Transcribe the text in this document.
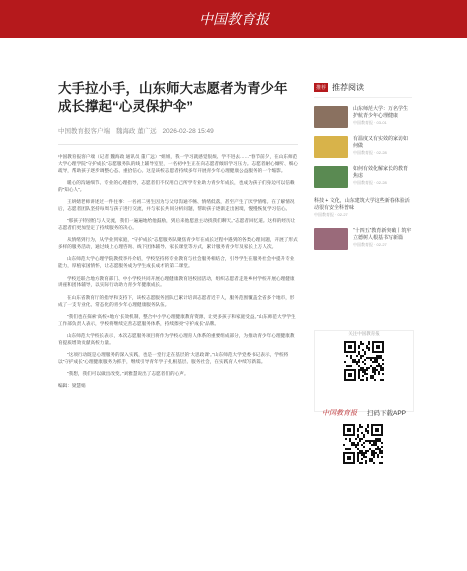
中国教育报
大手拉小手，山东师大志愿者为青少年成长撑起“心灵保护伞”
中国教育报客户端 魏海政 董广远 2026-02-28 15:49

中国教育报客户端（记者 魏海政 通讯员 董广远）“姐姐，我一学习就感觉很烦、学不进去……”春节前夕，在山东师范大学心理学院“守护成长”志愿服务队的线上辅导室里，一名初中生正在向志愿者倾诉学习压力。志愿者耐心倾听、细心疏导，帮助孩子逐步调整心态、重拾信心。这是该校志愿者持续多年开展青少年心理健康公益服务的一个缩影。

暖心的沟通细节、专业的心理指导，志愿者们不仅用自己所学专业助力青少年成长，也成为孩子们身边可以信赖的“知心人”。

王妍婧老师讲述过一件往事：一名初二男生因为与父母沟通不畅、情绪低落，甚至产生了厌学情绪。在了解情况后，志愿者团队坚持每周与孩子进行交流，并与家长共同分析问题，帮助孩子逐渐走出困境，慢慢恢复学习信心。

“那孩子特别怕与人交流，我们一遍遍地给他鼓励，到后来他愿意主动找我们聊天。”志愿者回忆道。这样的经历让志愿者们更加坚定了持续服务的决心。

从情绪到行为，从学业到家庭，“守护成长”志愿服务队聚焦青少年在成长过程中遇到的各类心理问题，开展了形式多样的服务活动，通过线上心理咨询、线下团体辅导、家长课堂等方式，累计服务青少年及家长上万人次。

山东师范大学心理学院教授李丹介绍，学校坚持将专业教育与社会服务相结合，引导学生在服务社会中提升专业能力，厚植家国情怀，让志愿服务成为学生成长成才的第二课堂。

学校还联合地方教育部门、中小学校共同开展心理健康教育进校园活动，组织志愿者走进乡村学校开展心理健康讲座和团体辅导，以实际行动助力青少年健康成长。

在山东省教育厅的指导和支持下，该校志愿服务团队已累计培训志愿者近千人，服务范围覆盖全省多个地市，形成了一支专业化、常态化的青少年心理健康服务队伍。

“我们也在探索‘高校+地方’长效机制，整合中小学心理健康教育资源，让更多孩子和家庭受益。”山东师范大学学生工作部负责人表示，学校将继续完善志愿服务体系，持续擦亮“守护成长”品牌。

山东师范大学校长表示，本次志愿服务项目将作为学校心理育人体系的重要组成部分，为推动青少年心理健康教育提质增效贡献高校力量。

“这项行动既是心理服务的深入实践，也是一堂行走在基层的‘大思政课’。”山东师范大学党委书记表示，学校将以“守护成长”心理健康服务为抓手，继续引导青年学子扎根基层、服务社会，在实践育人中续写新篇。

“我想，我们可以做出改变。”刘雅慧说出了志愿者们的心声。

编辑：梁慧娟
推荐 推荐阅读
山东师范大学：万名学生护航青少年心理健康
中国教育报 · 03-01
有温度又有实效的家访如何做
中国教育报 · 02-28
如何有效化解家长的教育焦虑
中国教育报 · 02-28
科技 + 文化，山东建筑大学这些新春体验活动很有安全科普味
中国教育报 · 02-27
“十四五”教育新突破丨筑牢立德树人根基书写新篇
中国教育报 · 02-27
关注中国教育报
中国教育报 扫码下载APP
